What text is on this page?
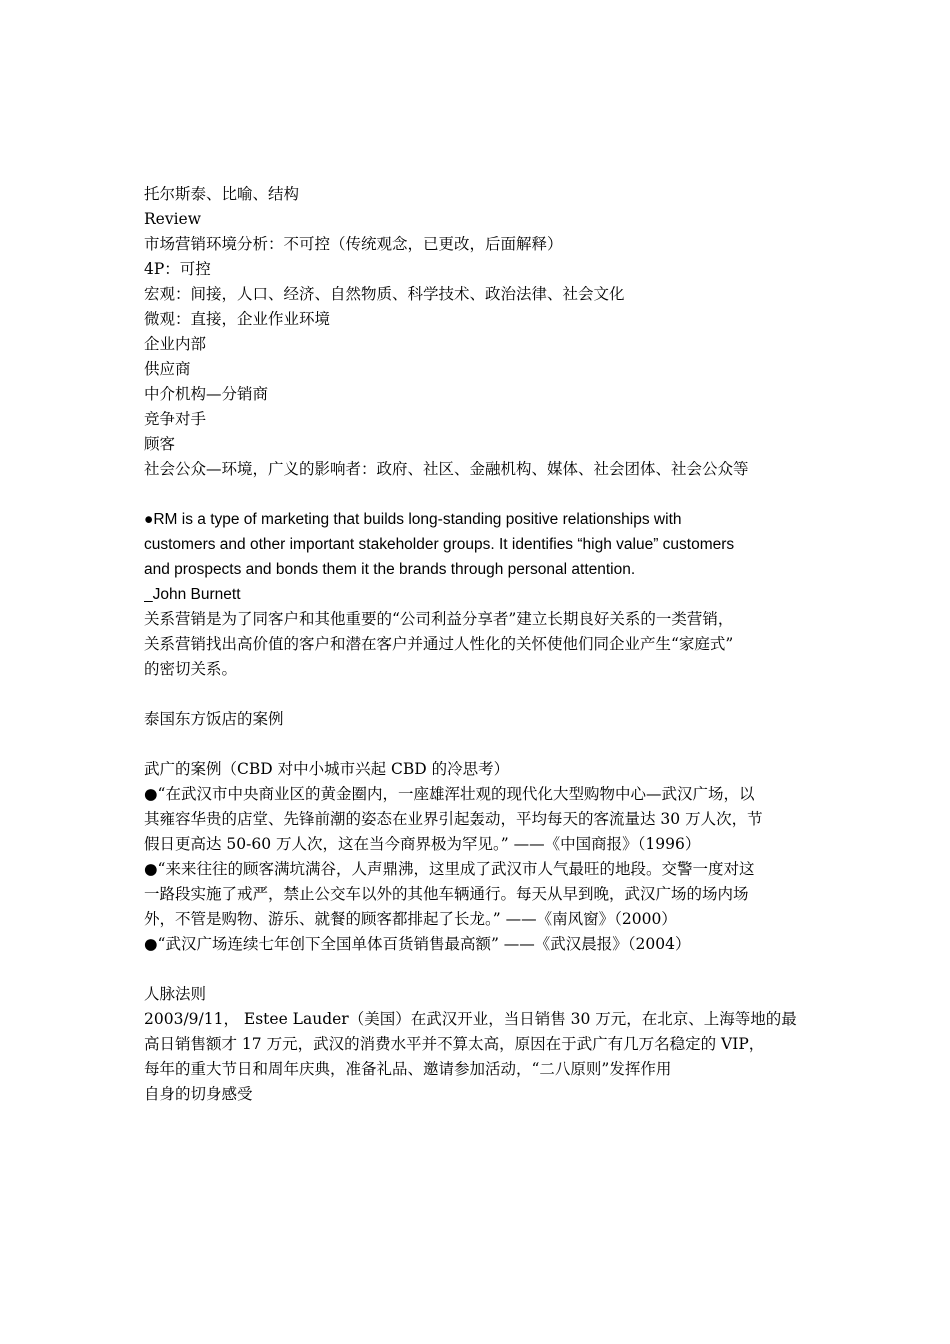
托尔斯泰、比喻、结构
Review
市场营销环境分析：不可控（传统观念，已更改，后面解释）
4P：可控
宏观：间接，人口、经济、自然物质、科学技术、政治法律、社会文化
微观：直接，企业作业环境
企业内部
供应商
中介机构—分销商
竞争对手
顾客
社会公众—环境，广义的影响者：政府、社区、金融机构、媒体、社会团体、社会公众等
●RM is a type of marketing that builds long-standing positive relationships with
customers and other important stakeholder groups. It identifies “high value” customers
and prospects and bonds them it the brands through personal attention.
_John Burnett
关系营销是为了同客户和其他重要的“公司利益分享者”建立长期良好关系的一类营销，
关系营销找出高价值的客户和潜在客户并通过人性化的关怀使他们同企业产生“家庭式”
的密切关系。
泰国东方饭店的案例
武广的案例（CBD 对中小城市兴起 CBD 的冷思考）
●“在武汉市中央商业区的黄金圈内，一座雄浑壮观的现代化大型购物中心—武汉广场，以
其雍容华贵的店堂、先锋前潮的姿态在业界引起轰动，平均每天的客流量达 30 万人次，节
假日更高达 50-60 万人次，这在当今商界极为罕见。” ——《中国商报》（1996）
●“来来往往的顾客满坑满谷，人声鼎沸，这里成了武汉市人气最旺的地段。交警一度对这
一路段实施了戒严，禁止公交车以外的其他车辆通行。每天从早到晚，武汉广场的场内场
外，不管是购物、游乐、就餐的顾客都排起了长龙。” ——《南风窗》（2000）
●“武汉广场连续七年创下全国单体百货销售最高额” ——《武汉晨报》（2004）
人脉法则
2003/9/11， Estee Lauder（美国）在武汉开业，当日销售 30 万元，在北京、上海等地的最
高日销售额才 17 万元，武汉的消费水平并不算太高，原因在于武广有几万名稳定的 VIP，
每年的重大节日和周年庆典，准备礼品、邀请参加活动，“二八原则”发挥作用
自身的切身感受
